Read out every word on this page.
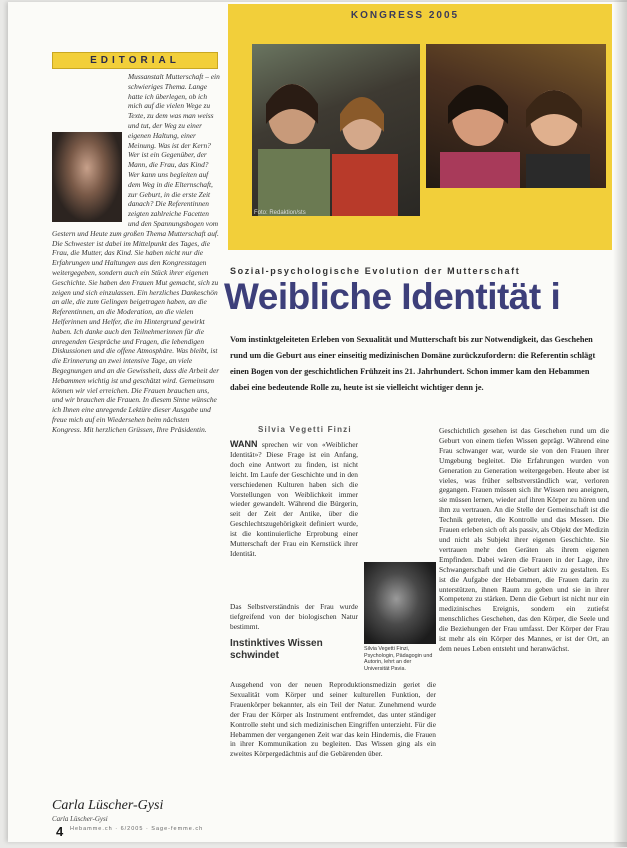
KONGRESS 2005
Foto: Redaktion/sts
EDITORIAL
Mussanstalt Mutterschaft – ein schwieriges Thema. Lange hatte ich überlegen, ob ich mich auf die vielen Wege zu Texte, zu dem was man weiss und tut, der Weg zu einer eigenen Haltung, einer Meinung. Was ist der Kern? Wer ist ein Gegenüber, der Mann, die Frau, das Kind? Wer kann uns begleiten auf dem Weg in die Elternschaft, zur Geburt, in die erste Zeit danach? Die Referentinnen zeigten zahlreiche Facetten und den Spannungsbogen vom Gestern und Heute zum großen Thema Mutterschaft auf. Die Schwester ist dabei im Mittelpunkt des Tages, die Frau, die Mutter, das Kind. Sie haben nicht nur die Erfahrungen und Haltungen aus den Kongresstagen weitergegeben, sondern auch ein Stück ihrer eigenen Geschichte. Sie haben den Frauen Mut gemacht, sich zu zeigen und sich einzulassen. Ein herzliches Dankeschön an alle, die zum Gelingen beigetragen haben, an die Referentinnen, an die Moderation, an die vielen Helferinnen und Helfer, die im Hintergrund gewirkt haben. Ich danke auch den Teilnehmerinnen für die anregenden Gespräche und Fragen, die lebendigen Diskussionen und die offene Atmosphäre. Was bleibt, ist die Erinnerung an zwei intensive Tage, an viele Begegnungen und an die Gewissheit, dass die Arbeit der Hebammen wichtig ist und geschätzt wird. Gemeinsam können wir viel erreichen. Die Frauen brauchen uns, und wir brauchen die Frauen. In diesem Sinne wünsche ich Ihnen eine anregende Lektüre dieser Ausgabe und freue mich auf ein Wiedersehen beim nächsten Kongress. Mit herzlichen Grüssen, Ihre Präsidentin.
Carla Lüscher-Gysi
Carla Lüscher-Gysi
Sozial-psychologische Evolution der Mutterschaft
Weibliche Identität i
Vom instinktgeleiteten Erleben von Sexualität und Mutterschaft bis zur Notwendigkeit, das Geschehen rund um die Geburt aus einer einseitig medizinischen Domäne zurückzufordern: die Referentin schlägt einen Bogen von der geschichtlichen Frühzeit ins 21. Jahrhundert. Schon immer kam den Hebammen dabei eine bedeutende Rolle zu, heute ist sie vielleicht wichtiger denn je.
Silvia Vegetti Finzi
WANN sprechen wir von «Weiblicher Identität»? Diese Frage ist ein Anfang, doch eine Antwort zu finden, ist nicht leicht. Im Laufe der Geschichte und in den verschiedenen Kulturen haben sich die Vorstellungen von Weiblichkeit immer wieder gewandelt. Während die Bürgerin, seit der Zeit der Antike, über die Geschlechtszugehörigkeit definiert wurde, ist die kontinuierliche Erprobung einer Mutterschaft der Frau ein Kernstück ihrer Identität.
Das Selbstverständnis der Frau wurde tiefgreifend von der biologischen Natur bestimmt.
Silvia Vegetti Finzi, Psychologin, Pädagogin und Autorin, lehrt an der Universität Pavia.
Instinktives Wissen schwindet
Ausgehend von der neuen Reproduktionsmedizin geriet die Sexualität vom Körper und seiner kulturellen Funktion, der Frauenkörper bekannter, als ein Teil der Natur. Zunehmend wurde der Frau der Körper als Instrument entfremdet, das unter ständiger Kontrolle steht und sich medizinischen Eingriffen unterzieht. Für die Hebammen der vergangenen Zeit war das kein Hindernis, die Frauen in ihrer Kommunikation zu begleiten. Das Wissen ging als ein zweites Körpergedächtnis auf die Gebärenden über.
Geschichtlich gesehen ist das Geschehen rund um die Geburt von einem tiefen Wissen geprägt. Während eine Frau schwanger war, wurde sie von den Frauen ihrer Umgebung begleitet. Die Erfahrungen wurden von Generation zu Generation weitergegeben. Heute aber ist vieles, was früher selbstverständlich war, verloren gegangen. Frauen müssen sich ihr Wissen neu aneignen, sie müssen lernen, wieder auf ihren Körper zu hören und ihm zu vertrauen. An die Stelle der Gemeinschaft ist die Technik getreten, die Kontrolle und das Messen. Die Frauen erleben sich oft als passiv, als Objekt der Medizin und nicht als Subjekt ihrer eigenen Geschichte. Sie vertrauen mehr den Geräten als ihrem eigenen Empfinden. Dabei wären die Frauen in der Lage, ihre Schwangerschaft und die Geburt aktiv zu gestalten. Es ist die Aufgabe der Hebammen, die Frauen darin zu unterstützen, ihnen Raum zu geben und sie in ihrer Kompetenz zu stärken. Denn die Geburt ist nicht nur ein medizinisches Ereignis, sondern ein zutiefst menschliches Geschehen, das den Körper, die Seele und die Beziehungen der Frau umfasst. Der Körper der Frau ist mehr als ein Körper des Mannes, er ist der Ort, an dem neues Leben entsteht und heranwächst.
4 Hebamme.ch · 6/2005 · Sage-femme.ch
